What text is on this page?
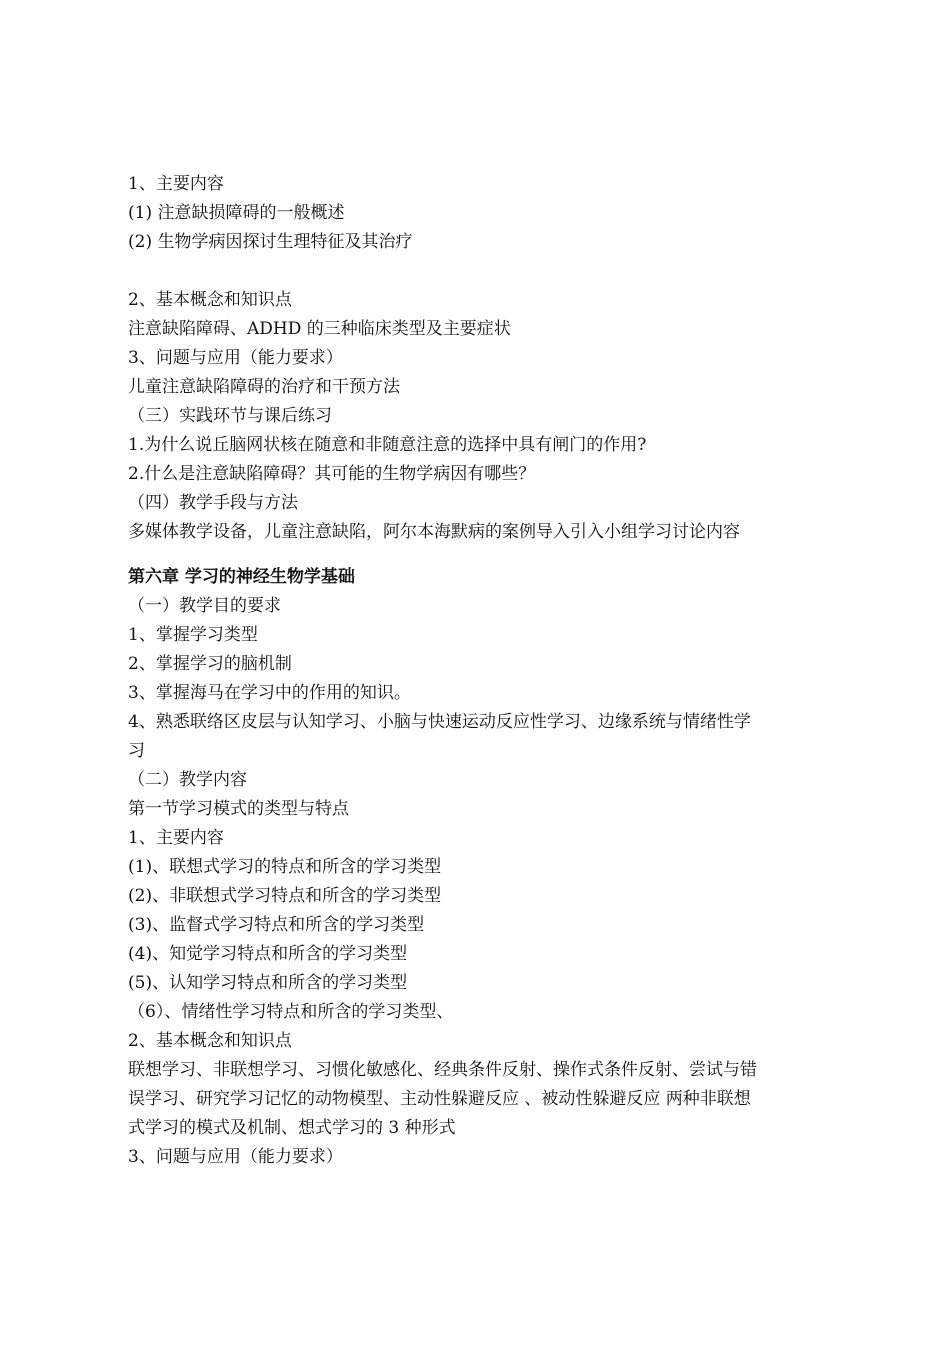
1、主要内容
(1) 注意缺损障碍的一般概述
(2) 生物学病因探讨生理特征及其治疗
2、基本概念和知识点
注意缺陷障碍、ADHD 的三种临床类型及主要症状
3、问题与应用（能力要求）
儿童注意缺陷障碍的治疗和干预方法
（三）实践环节与课后练习
1.为什么说丘脑网状核在随意和非随意注意的选择中具有闸门的作用?
2.什么是注意缺陷障碍？其可能的生物学病因有哪些？
（四）教学手段与方法
多媒体教学设备，儿童注意缺陷，阿尔本海默病的案例导入引入小组学习讨论内容
第六章 学习的神经生物学基础
（一）教学目的要求
1、掌握学习类型
2、掌握学习的脑机制
3、掌握海马在学习中的作用的知识。
4、熟悉联络区皮层与认知学习、小脑与快速运动反应性学习、边缘系统与情绪性学
习
（二）教学内容
第一节学习模式的类型与特点
1、主要内容
(1)、联想式学习的特点和所含的学习类型
(2)、非联想式学习特点和所含的学习类型
(3)、监督式学习特点和所含的学习类型
(4)、知觉学习特点和所含的学习类型
(5)、认知学习特点和所含的学习类型
（6）、情绪性学习特点和所含的学习类型、
2、基本概念和知识点
联想学习、非联想学习、习惯化敏感化、经典条件反射、操作式条件反射、尝试与错
误学习、研究学习记忆的动物模型、主动性躲避反应 、被动性躲避反应 两种非联想
式学习的模式及机制、想式学习的 3 种形式
3、问题与应用（能力要求）
